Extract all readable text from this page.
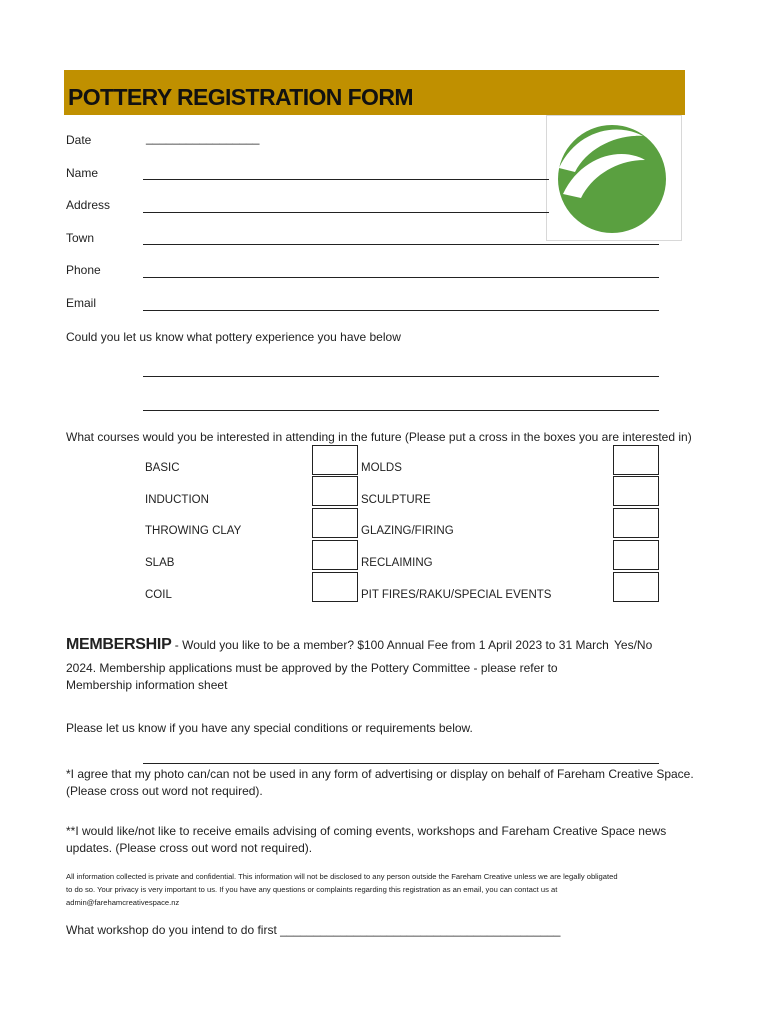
POTTERY REGISTRATION FORM
Date	_________________
Name
Address
Town
Phone
Email
Could you let us know what pottery experience you have below
What courses would you be interested in attending in the future (Please put a cross in the boxes you are interested in)
BASIC
INDUCTION
THROWING CLAY
SLAB
COIL
MOLDS
SCULPTURE
GLAZING/FIRING
RECLAIMING
PIT FIRES/RAKU/SPECIAL EVENTS
MEMBERSHIP - Would you like to be a member? $100 Annual Fee from 1 April 2023 to 31 March
2024. Membership applications must be approved by the Pottery Committee - please refer to
Membership information sheet
Yes/No
Please let us know if you have any special conditions or requirements below.
*I agree that my photo can/can not be used in any form of advertising or display on behalf of Fareham Creative Space.
(Please cross out word not required).
**I would like/not like to receive emails advising of coming events, workshops and Fareham Creative Space news
updates. (Please cross out word not required).
All information collected is private and confidential. This information will not be disclosed to any person outside the Fareham Creative unless we are legally obligated
to do so. Your privacy is very important to us. If you have any questions or complaints regarding this registration as an email, you can contact us at
admin@farehamcreativespace.nz
What workshop do you intend to do first __________________________________________
